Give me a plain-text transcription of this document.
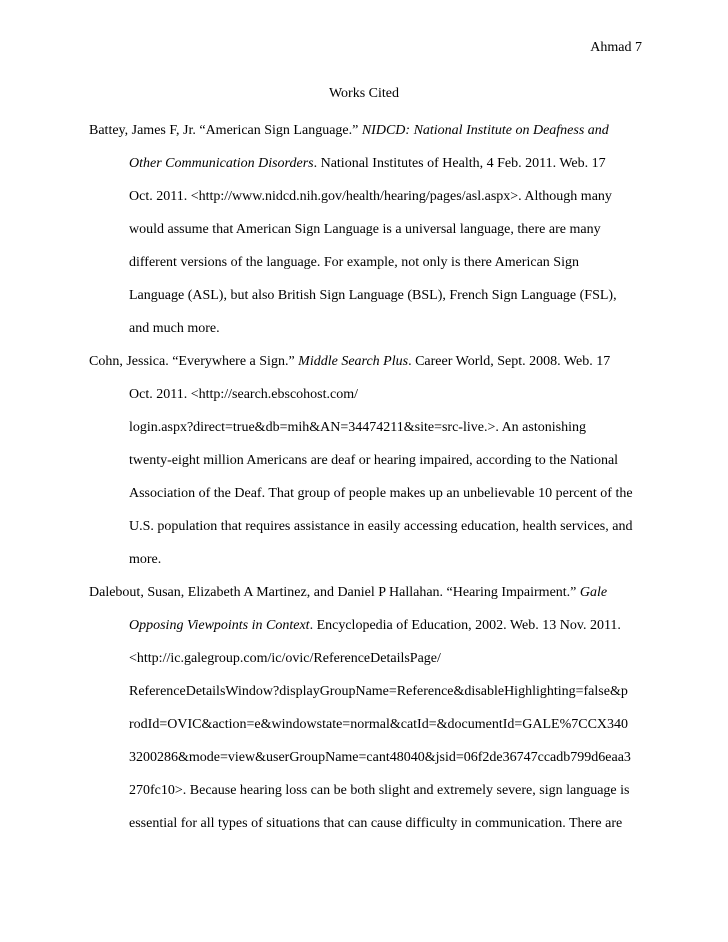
Ahmad 7
Works Cited
Battey, James F, Jr. “American Sign Language.” NIDCD: National Institute on Deafness and
Other Communication Disorders. National Institutes of Health, 4 Feb. 2011. Web. 17
Oct. 2011. <http://www.nidcd.nih.gov/health/hearing/pages/asl.aspx>. Although many
would assume that American Sign Language is a universal language, there are many
different versions of the language. For example, not only is there American Sign
Language (ASL), but also British Sign Language (BSL), French Sign Language (FSL),
and much more.
Cohn, Jessica. “Everywhere a Sign.” Middle Search Plus. Career World, Sept. 2008. Web. 17
Oct. 2011. <http://search.ebscohost.com/
login.aspx?direct=true&db=mih&AN=34474211&site=src-live.>. An astonishing
twenty-eight million Americans are deaf or hearing impaired, according to the National
Association of the Deaf. That group of people makes up an unbelievable 10 percent of the
U.S. population that requires assistance in easily accessing education, health services, and
more.
Dalebout, Susan, Elizabeth A Martinez, and Daniel P Hallahan. “Hearing Impairment.” Gale
Opposing Viewpoints in Context. Encyclopedia of Education, 2002. Web. 13 Nov. 2011.
<http://ic.galegroup.com/ic/ovic/ReferenceDetailsPage/
ReferenceDetailsWindow?displayGroupName=Reference&disableHighlighting=false&p
rodId=OVIC&action=e&windowstate=normal&catId=&documentId=GALE%7CCX340
3200286&mode=view&userGroupName=cant48040&jsid=06f2de36747ccadb799d6eaa3
270fc10>. Because hearing loss can be both slight and extremely severe, sign language is
essential for all types of situations that can cause difficulty in communication. There are
